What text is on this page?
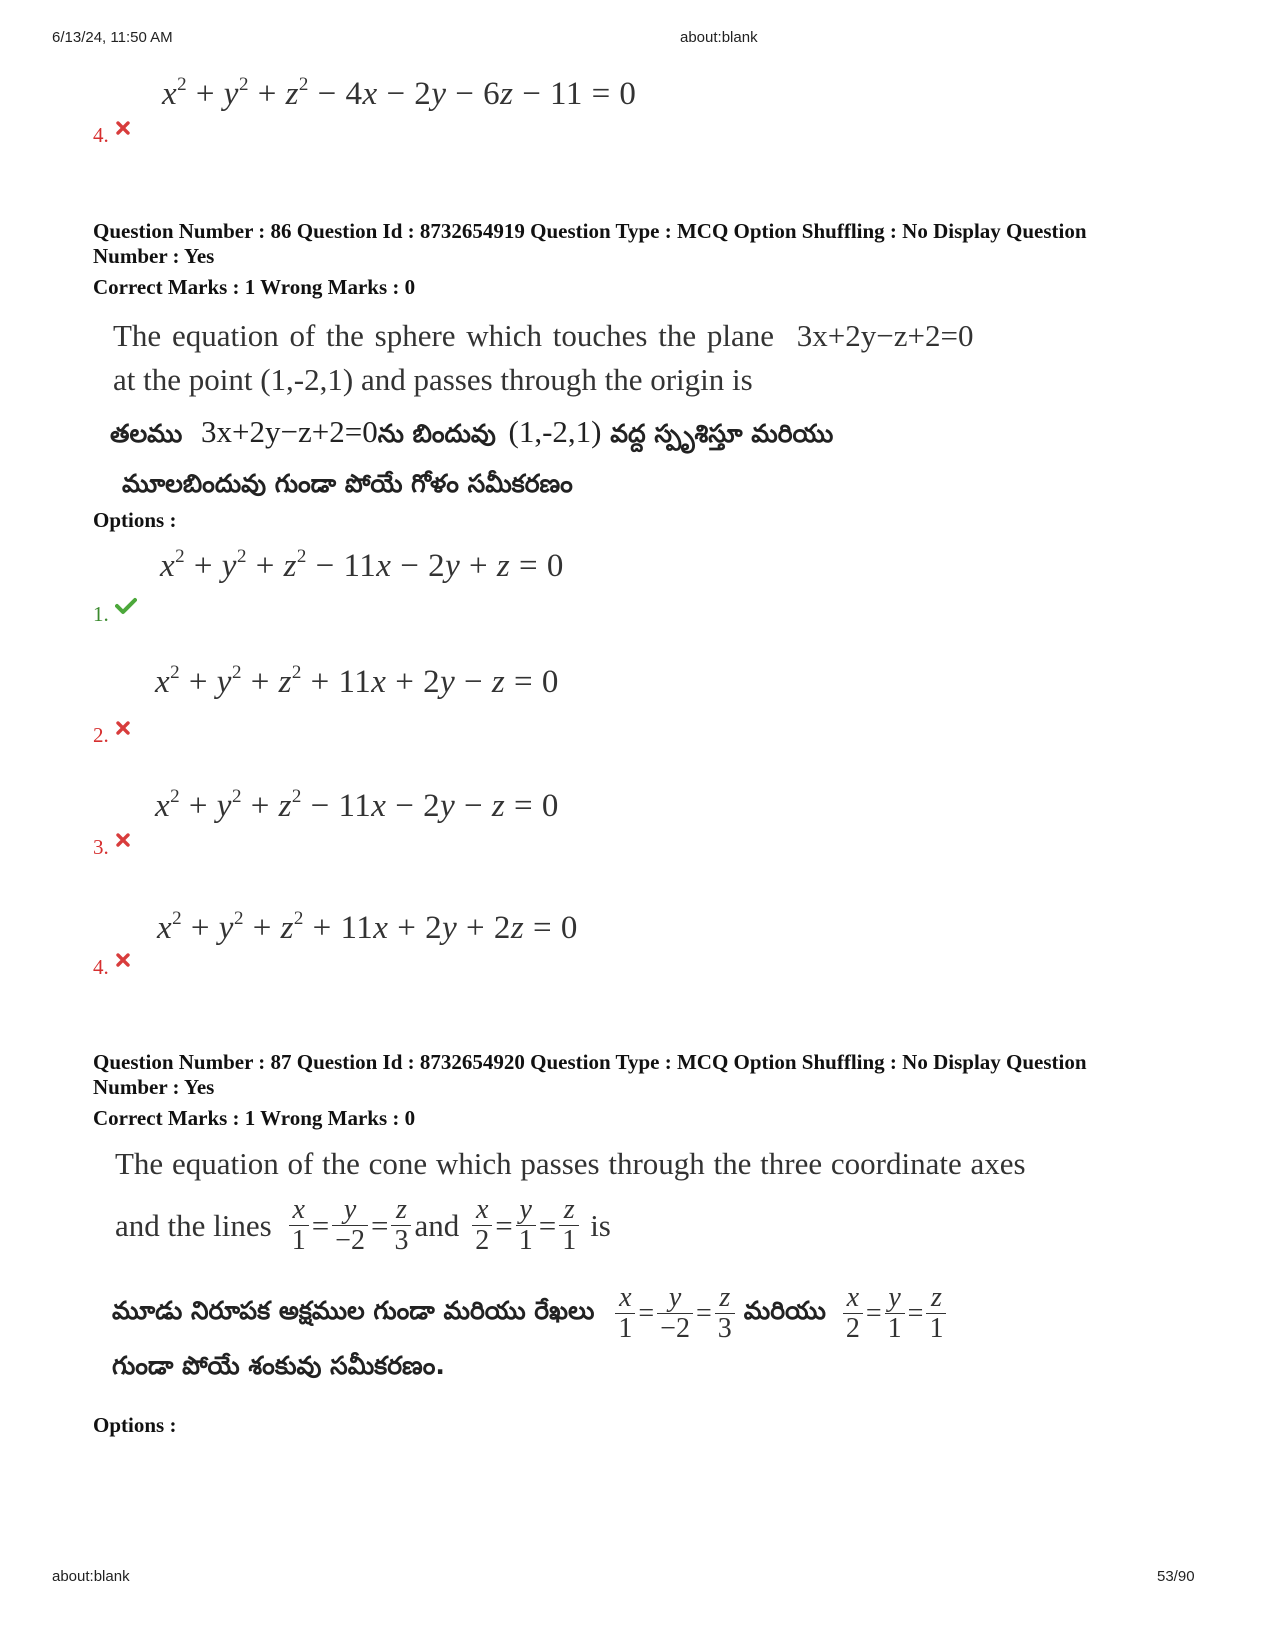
6/13/24, 11:50 AM	about:blank
$x^2 + y^2 + z^2 - 4x - 2y - 6z - 11 = 0$
4.
Question Number : 86 Question Id : 8732654919 Question Type : MCQ Option Shuffling : No Display Question
Number : Yes
Correct Marks : 1 Wrong Marks : 0
The equation of the sphere which touches the plane 3x+2y−z+2=0
at the point (1,-2,1) and passes through the origin is
తలము 3x+2y−z+2=0ను బిందువు (1,-2,1) వద్ద స్పృశిస్తూ మరియు
మూలబిందువు గుండా పోయే గోళం సమీకరణం
Options :
$x^2 + y^2 + z^2 - 11x - 2y + z = 0$
1.
$x^2 + y^2 + z^2 + 11x + 2y - z = 0$
2.
$x^2 + y^2 + z^2 - 11x - 2y - z = 0$
3.
$x^2 + y^2 + z^2 + 11x + 2y + 2z = 0$
4.
Question Number : 87 Question Id : 8732654920 Question Type : MCQ Option Shuffling : No Display Question
Number : Yes
Correct Marks : 1 Wrong Marks : 0
The equation of the cone which passes through the three coordinate axes
and the lines $\frac{x}{1} = \frac{y}{-2} = \frac{z}{3}$ and $\frac{x}{2} = \frac{y}{1} = \frac{z}{1}$ is
మూడు నిరూపక అక్షముల గుండా మరియు రేఖలు $\frac{x}{1} = \frac{y}{-2} = \frac{z}{3}$ మరియు $\frac{x}{2} = \frac{y}{1} = \frac{z}{1}$
గుండా పోయే శంకువు సమీకరణం.
Options :
about:blank	53/90
